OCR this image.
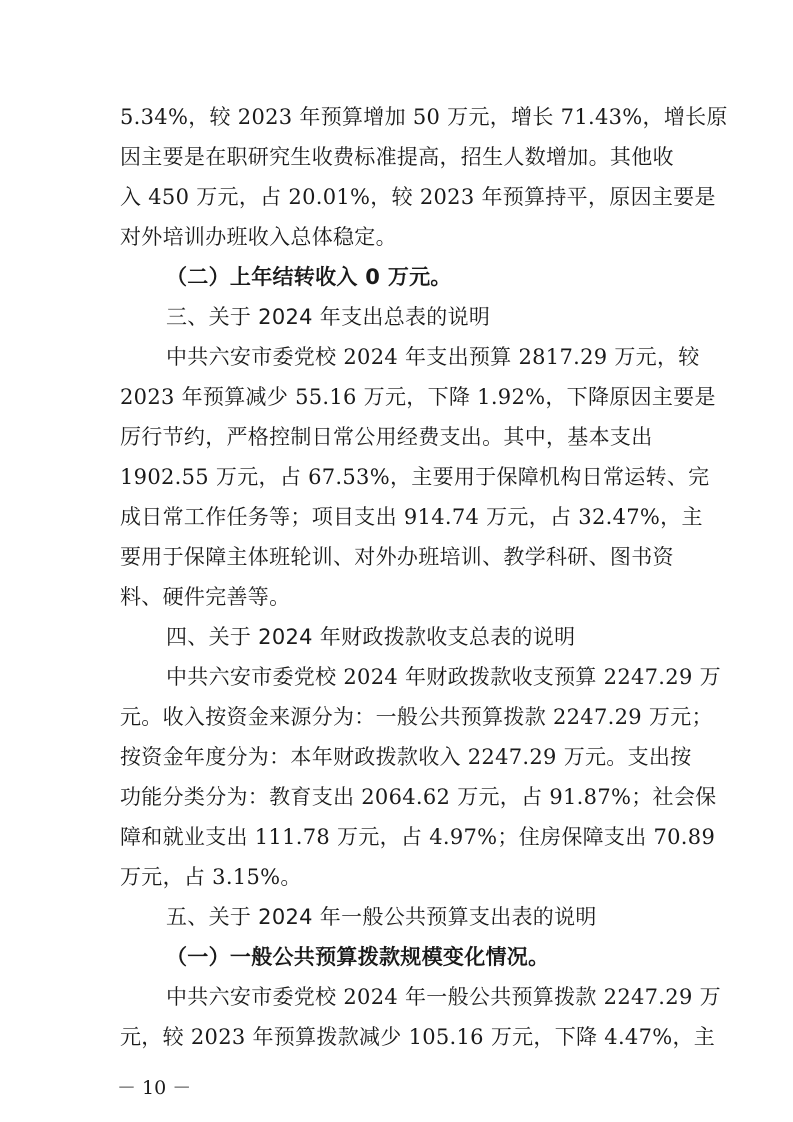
5.34%，较 2023 年预算增加 50 万元，增长 71.43%，增长原
因主要是在职研究生收费标准提高，招生人数增加。其他收
入 450 万元，占 20.01%，较 2023 年预算持平，原因主要是
对外培训办班收入总体稳定。
（二）上年结转收入 0 万元。
三、关于 2024 年支出总表的说明
中共六安市委党校 2024 年支出预算 2817.29 万元，较
2023 年预算减少 55.16 万元，下降 1.92%，下降原因主要是
厉行节约，严格控制日常公用经费支出。其中，基本支出
1902.55 万元，占 67.53%，主要用于保障机构日常运转、完
成日常工作任务等；项目支出 914.74 万元，占 32.47%，主
要用于保障主体班轮训、对外办班培训、教学科研、图书资
料、硬件完善等。
四、关于 2024 年财政拨款收支总表的说明
中共六安市委党校 2024 年财政拨款收支预算 2247.29 万
元。收入按资金来源分为：一般公共预算拨款 2247.29 万元；
按资金年度分为：本年财政拨款收入 2247.29 万元。支出按
功能分类分为：教育支出 2064.62 万元，占 91.87%；社会保
障和就业支出 111.78 万元，占 4.97%；住房保障支出 70.89
万元，占 3.15%。
五、关于 2024 年一般公共预算支出表的说明
（一）一般公共预算拨款规模变化情况。
中共六安市委党校 2024 年一般公共预算拨款 2247.29 万
元，较 2023 年预算拨款减少 105.16 万元，下降 4.47%，主
－ 10 －
